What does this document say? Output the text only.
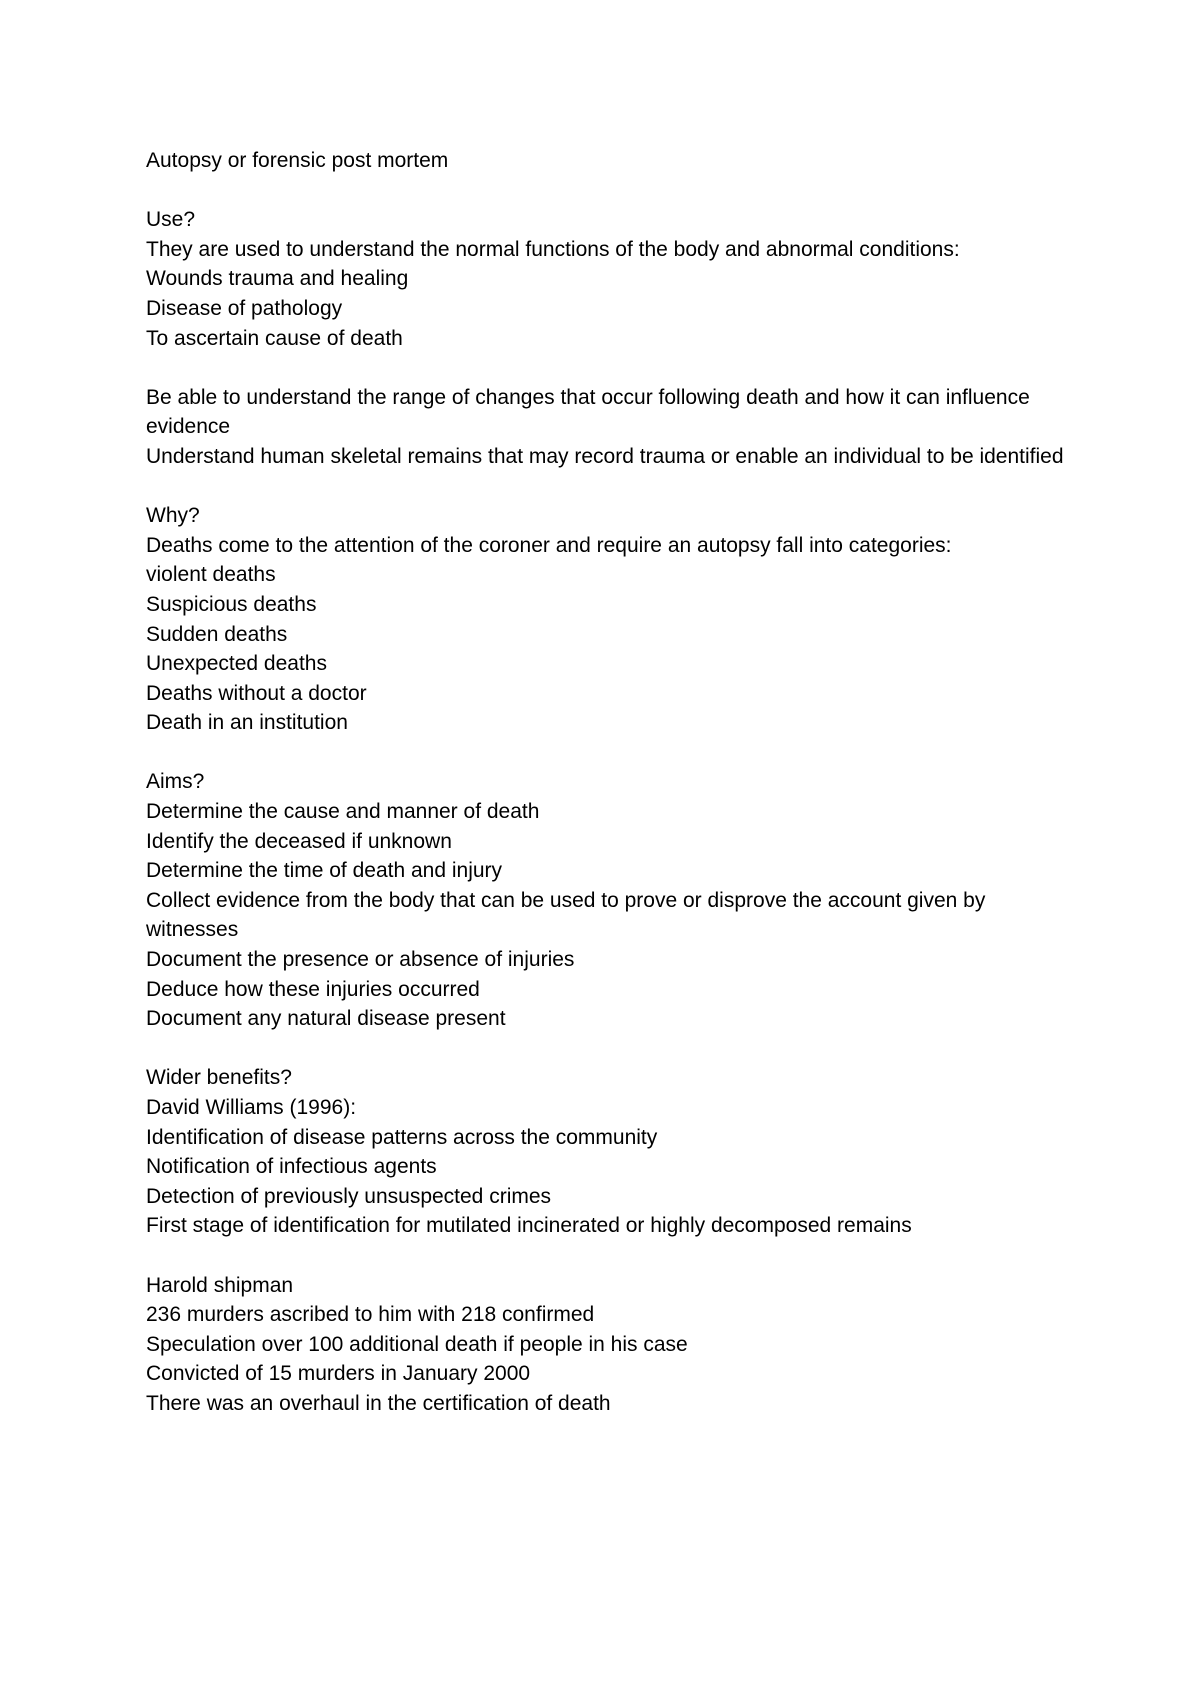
Autopsy or forensic post mortem
Use?
They are used to understand the normal functions of the body and abnormal conditions:
Wounds trauma and healing
Disease of pathology
To ascertain cause of death
Be able to understand the range of changes that occur following death and how it can influence evidence
Understand human skeletal remains that may record trauma or enable an individual to be identified
Why?
Deaths come to the attention of the coroner and require an autopsy fall into categories:
violent deaths
Suspicious deaths
Sudden deaths
Unexpected deaths
Deaths without a doctor
Death in an institution
Aims?
Determine the cause and manner of death
Identify the deceased if unknown
Determine the time of death and injury
Collect evidence from the body that can be used to prove or disprove the account given by witnesses
Document the presence or absence of injuries
Deduce how these injuries occurred
Document any natural disease present
Wider benefits?
David Williams (1996):
Identification of disease patterns across the community
Notification of infectious agents
Detection of previously unsuspected crimes
First stage of identification for mutilated incinerated or highly decomposed remains
Harold shipman
236 murders ascribed to him with 218 confirmed
Speculation over 100 additional death if people in his case
Convicted of 15 murders in January 2000
There was an overhaul in the certification of death
